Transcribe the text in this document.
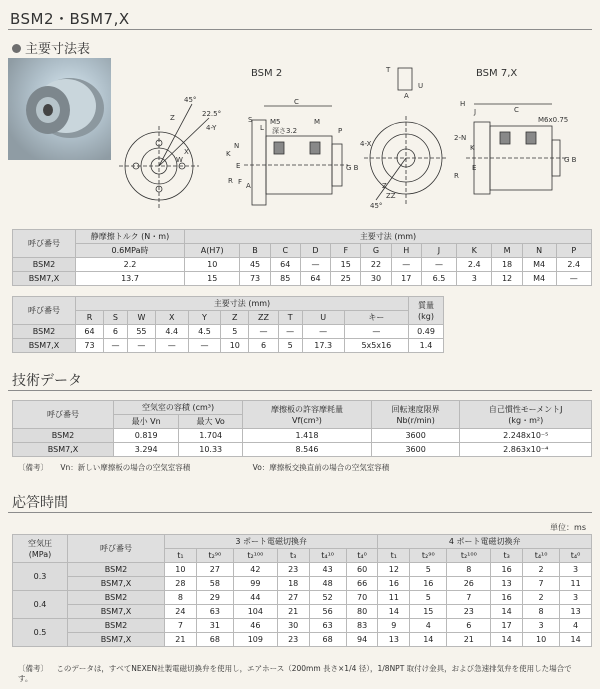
BSM2・BSM7,X
主要寸法表
BSM 2	BSM 7,X
45°
22.5°
4-Y
Z
X
W
M5
深さ3.2
C
M
P
S
L
N
K
E
R F A
G B
T
U
A
Z
ZZ
45°
4-X
H
J	C
M6x0.75
2-N
K
E
R
G B
呼び番号	静摩擦トルク (N・m)	主要寸法 (mm)											
	0.6MPa時	A(H7)	B	C	D	F	G	H	J	K	M	N	P
BSM2	2.2	10	45	64	—	15	22	—	—	2.4	18	M4	2.4
BSM7,X	13.7	15	73	85	64	25	30	17	6.5	3	12	M4	—
呼び番号	主要寸法 (mm)										質量
(kg)
	R	S	W	X	Y	Z	ZZ	T	U	キー	
BSM2	64	6	55	4.4	4.5	5	—	—	—	—	0.49
BSM7,X	73	—	—	—	—	10	6	5	17.3	5x5x16	1.4
技術データ
呼び番号	空気室の容積 (cm³)		摩擦板の許容摩耗量
Vf(cm³)	回転速度限界
Nb(r/min)	自己慣性モーメントJ
(kg・m²)
	最小 Vn	最大 Vo			
BSM2	0.819	1.704	1.418	3600	2.248x10⁻⁵
BSM7,X	3.294	10.33	8.546	3600	2.863x10⁻⁴
〔備考〕 Vn：新しい摩擦板の場合の空気室容積	Vo：摩擦板交換直前の場合の空気室容積
応答時間
単位：ms
空気圧
(MPa)	呼び番号	3 ポート電磁切換弁						4 ポート電磁切換弁					
		t₁	t₂⁹⁰	t₂¹⁰⁰	t₃	t₄¹⁰	t₄⁰	t₁	t₂⁹⁰	t₂¹⁰⁰	t₃	t₄¹⁰	t₄⁰
0.3	BSM2	10	27	42	23	43	60	12	5	8	16	2	3
	BSM7,X	28	58	99	18	48	66	16	16	26	13	7	11
0.4	BSM2	8	29	44	27	52	70	11	5	7	16	2	3
	BSM7,X	24	63	104	21	56	80	14	15	23	14	8	13
0.5	BSM2	7	31	46	30	63	83	9	4	6	17	3	4
	BSM7,X	21	68	109	23	68	94	13	14	21	14	10	14
〔備考〕 このデータは，すべてNEXEN社製電磁切換弁を使用し，エアホース（200mm 長さ×1/4 径），1/8NPT 取付け金具，および急速排気弁を使用した場合です。
